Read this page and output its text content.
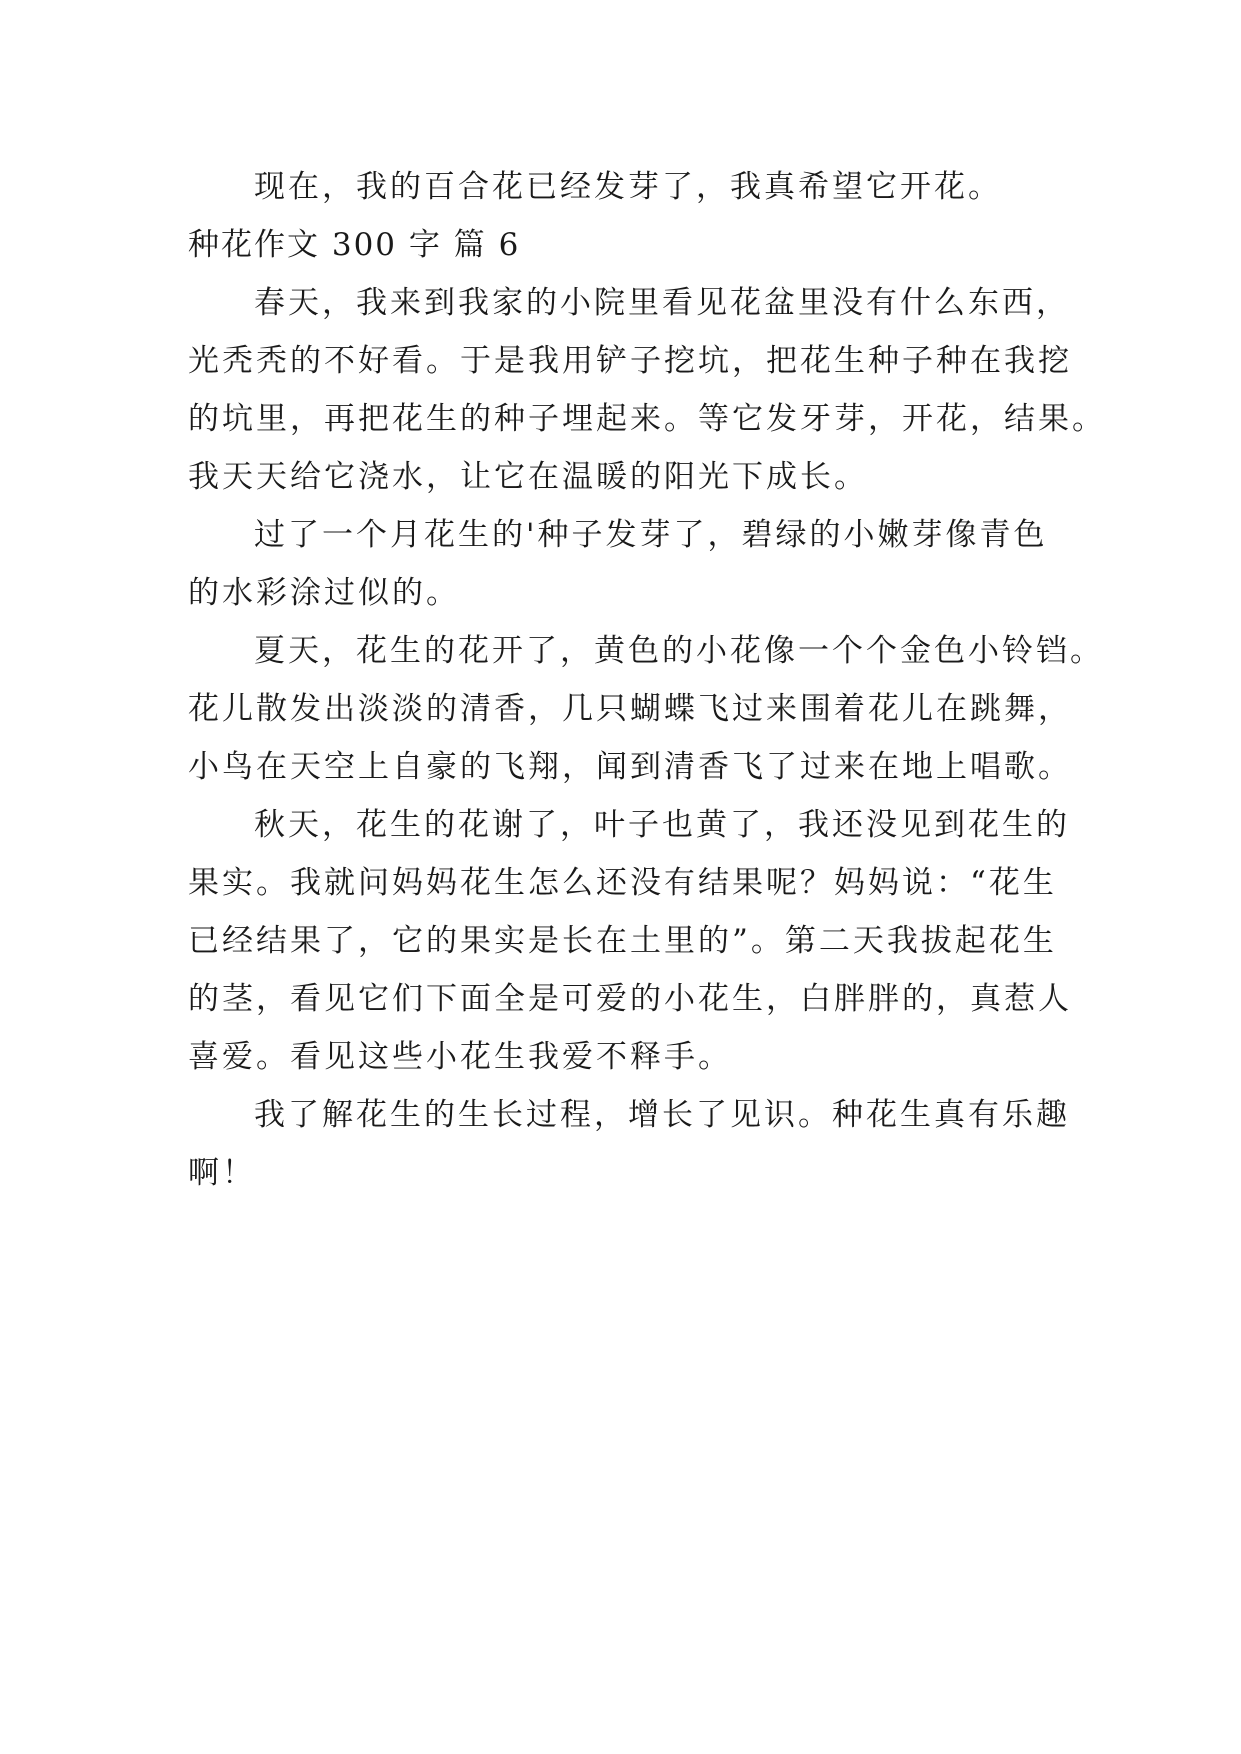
现在，我的百合花已经发芽了，我真希望它开花。
种花作文 300 字 篇 6
春天，我来到我家的小院里看见花盆里没有什么东西，
光秃秃的不好看。于是我用铲子挖坑，把花生种子种在我挖
的坑里，再把花生的种子埋起来。等它发牙芽，开花，结果。
我天天给它浇水，让它在温暖的阳光下成长。
过了一个月花生的'种子发芽了，碧绿的小嫩芽像青色
的水彩涂过似的。
夏天，花生的花开了，黄色的小花像一个个金色小铃铛。
花儿散发出淡淡的清香，几只蝴蝶飞过来围着花儿在跳舞，
小鸟在天空上自豪的飞翔，闻到清香飞了过来在地上唱歌。
秋天，花生的花谢了，叶子也黄了，我还没见到花生的
果实。我就问妈妈花生怎么还没有结果呢？妈妈说：“花生
已经结果了，它的果实是长在土里的”。第二天我拔起花生
的茎，看见它们下面全是可爱的小花生，白胖胖的，真惹人
喜爱。看见这些小花生我爱不释手。
我了解花生的生长过程，增长了见识。种花生真有乐趣
啊！
